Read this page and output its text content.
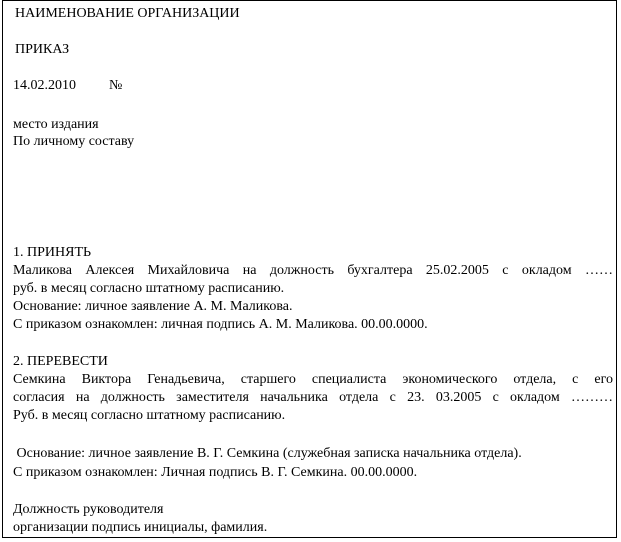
НАИМЕНОВАНИЕ ОРГАНИЗАЦИИ
ПРИКАЗ
14.02.2010 №
место издания
По личному составу
1. ПРИНЯТЬ
Маликова Алексея Михайловича на должность бухгалтера 25.02.2005 с окладом ……
руб. в месяц согласно штатному расписанию.
Основание: личное заявление А. М. Маликова.
С приказом ознакомлен: личная подпись А. М. Маликова. 00.00.0000.
2. ПЕРЕВЕСТИ
Семкина Виктора Генадьевича, старшего специалиста экономического отдела, с его
согласия на должность заместителя начальника отдела с 23. 03.2005 с окладом ………
Руб. в месяц согласно штатному расписанию.
Основание: личное заявление В. Г. Семкина (служебная записка начальника отдела).
С приказом ознакомлен: Личная подпись В. Г. Семкина. 00.00.0000.
Должность руководителя
организации подпись инициалы, фамилия.
